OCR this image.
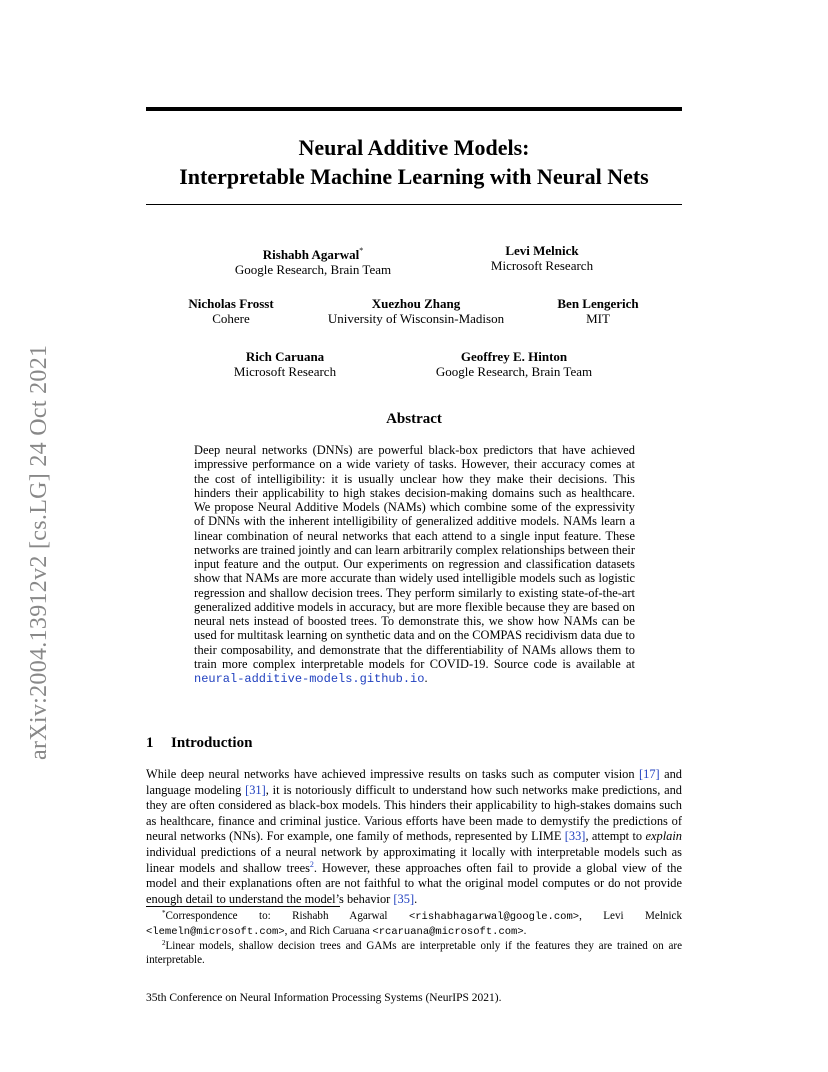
arXiv:2004.13912v2 [cs.LG] 24 Oct 2021
Neural Additive Models:
Interpretable Machine Learning with Neural Nets
Rishabh Agarwal*
Google Research, Brain Team
Levi Melnick
Microsoft Research
Nicholas Frosst
Cohere
Xuezhou Zhang
University of Wisconsin-Madison
Ben Lengerich
MIT
Rich Caruana
Microsoft Research
Geoffrey E. Hinton
Google Research, Brain Team
Abstract

Deep neural networks (DNNs) are powerful black-box predictors that have achieved impressive performance on a wide variety of tasks. However, their accuracy comes at the cost of intelligibility: it is usually unclear how they make their decisions. This hinders their applicability to high stakes decision-making domains such as healthcare. We propose Neural Additive Models (NAMs) which combine some of the expressivity of DNNs with the inherent intelligibility of generalized additive models. NAMs learn a linear combination of neural networks that each attend to a single input feature. These networks are trained jointly and can learn arbitrarily complex relationships between their input feature and the output. Our experiments on regression and classification datasets show that NAMs are more accurate than widely used intelligible models such as logistic regression and shallow decision trees. They perform similarly to existing state-of-the-art generalized additive models in accuracy, but are more flexible because they are based on neural nets instead of boosted trees. To demonstrate this, we show how NAMs can be used for multitask learning on synthetic data and on the COMPAS recidivism data due to their composability, and demonstrate that the differentiability of NAMs allows them to train more complex interpretable models for COVID-19. Source code is available at neural-additive-models.github.io.

1 Introduction

While deep neural networks have achieved impressive results on tasks such as computer vision [17] and language modeling [31], it is notoriously difficult to understand how such networks make predictions, and they are often considered as black-box models. This hinders their applicability to high-stakes domains such as healthcare, finance and criminal justice. Various efforts have been made to demystify the predictions of neural networks (NNs). For example, one family of methods, represented by LIME [33], attempt to explain individual predictions of a neural network by approximating it locally with interpretable models such as linear models and shallow trees$^2$. However, these approaches often fail to provide a global view of the model and their explanations often are not faithful to what the original model computes or do not provide enough detail to understand the model’s behavior [35].

*Correspondence to: Rishabh Agarwal <rishabhagarwal@google.com>, Levi Melnick <lemeln@microsoft.com>, and Rich Caruana <rcaruana@microsoft.com>.

$^2$Linear models, shallow decision trees and GAMs are interpretable only if the features they are trained on are interpretable.

35th Conference on Neural Information Processing Systems (NeurIPS 2021).
